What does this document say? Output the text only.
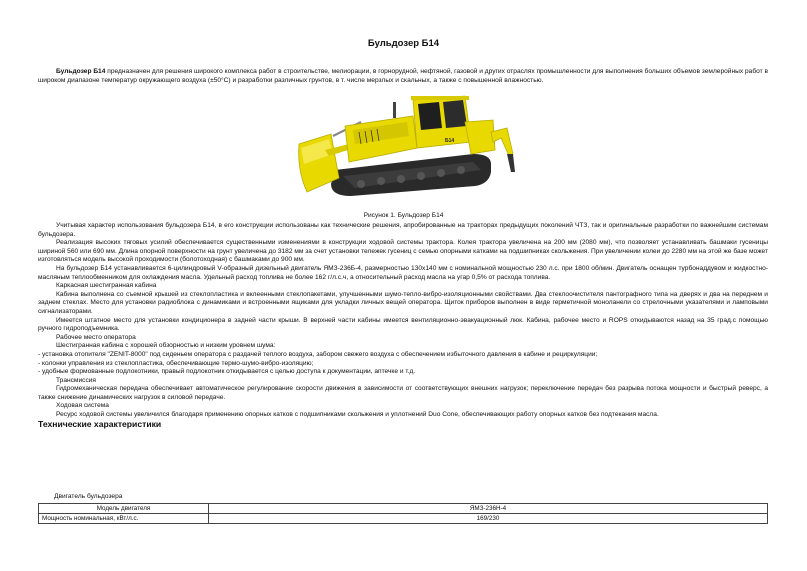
Бульдозер Б14
Бульдозер Б14 предназначен для решения широкого комплекса работ в строительстве, мелиорации, в горнорудной, нефтяной, газовой и других отраслях промышленности для выполнения больших объемов землеройных работ в широком диапазоне температур окружающего воздуха (±50°С) и разработки различных грунтов, в т. числе мерзлых и скальных, а также с повышенной влажностью.
Б14
Рисунок 1. Бульдозер Б14

Учитывая характер использования бульдозера Б14, в его конструкции использованы как технические решения, апробированные на тракторах предыдущих поколений ЧТЗ, так и оригинальные разработки по важнейшим системам бульдозера.

Реализация высоких тяговых усилий обеспечивается существенными изменениями в конструкции ходовой системы трактора. Колея трактора увеличена на 200 мм (2080 мм), что позволяет устанавливать башмаки гусеницы шириной 560 или 690 мм. Длина опорной поверхности на грунт увеличена до 3182 мм за счет установки тележек гусениц с семью опорными катками на подшипниках скольжения. При увеличении колеи до 2280 мм на этой же базе может изготовляться модель высокой проходимости (болотоходная) с башмаками до 900 мм.

На бульдозер Б14 устанавливается 6-цилиндровый V-образный дизельный двигатель ЯМЗ-236Б-4, размерностью 130х140 мм с номинальной мощностью 230 л.с. при 1800 об/мин. Двигатель оснащен турбонаддувом и жидкостно-масляным теплообменником для охлаждения масла. Удельный расход топлива не более 162 г/л.с.ч, а относительный расход масла на угар 0,5% от расхода топлива.

Каркасная шестигранная кабина

Кабина выполнена со съемной крышей из стеклопластика и вклеенными стеклопакетами, улучшенными шумо-тепло-вибро-изоляционными свойствами. Два стеклоочистителя пантографного типа на дверях и два на переднем и заднем стеклах. Место для установки радиоблока с динамиками и встроенными ящиками для укладки личных вещей оператора. Щиток приборов выполнен в виде герметичной моноланели со стрелочными указателями и ламповыми сигнализаторами.

Имеется штатное место для установки кондиционера в задней части крыши. В верхней части кабины имеется вентиляционно-эвакуационный люк. Кабина, рабочее место и ROPS откидываются назад на 35 град.с помощью ручного гидроподъемника.

Рабочее место оператора

Шестигранная кабина с хорошей обзорностью и низким уровнем шума:

- установка отопителя "ZENIT-8000" под сиденьем оператора с раздачей теплого воздуха, забором свежего воздуха с обеспечением избыточного давления в кабине и рециркуляции;

- колонки управления из стеклопластика, обеспечивающие термо-шумо-вибро-изоляцию;

- удобные формованные подлокотники, правый подлокотник откидывается с целью доступа к документации, аптечке и т.д.

Трансмиссия

Гидромеханическая передача обеспечивает автоматическое регулирование скорости движения в зависимости от соответствующих внешних нагрузок; переключение передач без разрыва потока мощности и быстрый реверс, а также снижение динамических нагрузок в силовой передаче.

Ходовая система

Ресурс ходовой системы увеличился благодаря применению опорных катков с подшипниками скольжения и уплотнений Duo Cone, обеспечивающих работу опорных катков без подтекания масла.

Технические характеристики

Двигатель бульдозера
Модель двигателя	ЯМЗ-236Н-4
Мощность номинальная, кВт/л.с.	169/230
